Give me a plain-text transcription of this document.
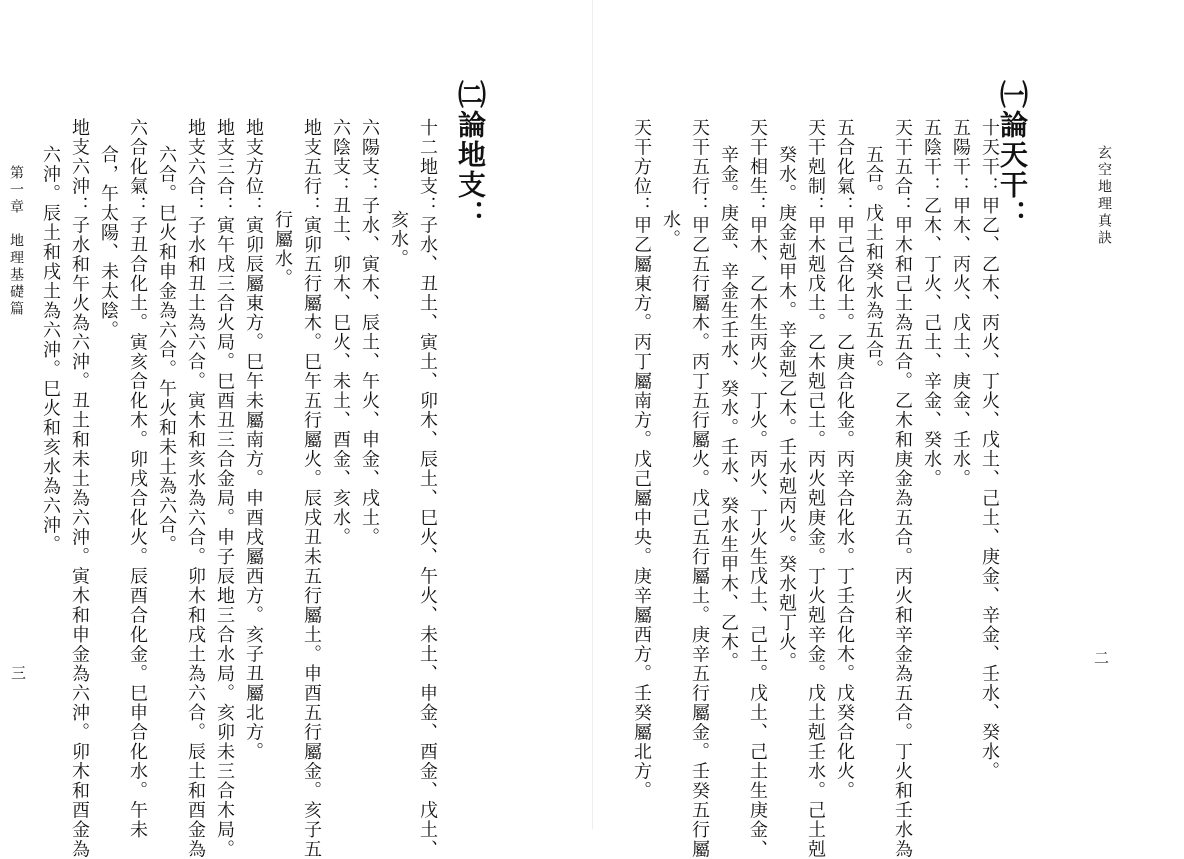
玄空地理真訣
㈠論天干：
二
十天干：甲乙、乙木、丙火、丁火、戊土、己土、庚金、辛金、壬水、癸水。
五陽干：甲木、丙火、戊土、庚金、壬水。
五陰干：乙木、丁火、己土、辛金、癸水。
天干五合：甲木和己土為五合。乙木和庚金為五合。丙火和辛金為五合。丁火和壬水為
五合。戊土和癸水為五合。
五合化氣：甲己合化土。乙庚合化金。丙辛合化水。丁壬合化木。戊癸合化火。
天干剋制：甲木剋戊土。乙木剋己土。丙火剋庚金。丁火剋辛金。戊土剋壬水。己土剋
癸水。庚金剋甲木。辛金剋乙木。壬水剋丙火。癸水剋丁火。
天干相生：甲木、乙木生丙火、丁火。丙火、丁火生戊土、己土。戊土、己土生庚金、
辛金。庚金、辛金生壬水、癸水。壬水、癸水生甲木、乙木。
天干五行：甲乙五行屬木。丙丁五行屬火。戊己五行屬土。庚辛五行屬金。壬癸五行屬
水。
天干方位：甲乙屬東方。丙丁屬南方。戊己屬中央。庚辛屬西方。壬癸屬北方。
㈡論地支：
十二地支：子水、丑土、寅土、卯木、辰土、巳火、午火、未土、申金、酉金、戊土、
亥水。
六陽支：子水、寅木、辰土、午火、申金、戌土。
六陰支：丑土、卯木、巳火、未土、酉金、亥水。
地支五行：寅卯五行屬木。巳午五行屬火。辰戌丑未五行屬土。申酉五行屬金。亥子五
行屬水。
地支方位：寅卯辰屬東方。巳午未屬南方。申酉戌屬西方。亥子丑屬北方。
地支三合：寅午戌三合火局。巳酉丑三合金局。申子辰地三合水局。亥卯未三合木局。
地支六合：子水和丑土為六合。寅木和亥水為六合。卯木和戌土為六合。辰土和酉金為
六合。巳火和申金為六合。午火和未土為六合。
六合化氣：子丑合化土。寅亥合化木。卯戌合化火。辰酉合化金。巳申合化水。午未
合，午太陽、未太陰。
地支六沖：子水和午火為六沖。丑土和未土為六沖。寅木和申金為六沖。卯木和酉金為
六沖。辰土和戌土為六沖。巳火和亥水為六沖。
第一章　地理基礎篇
三
